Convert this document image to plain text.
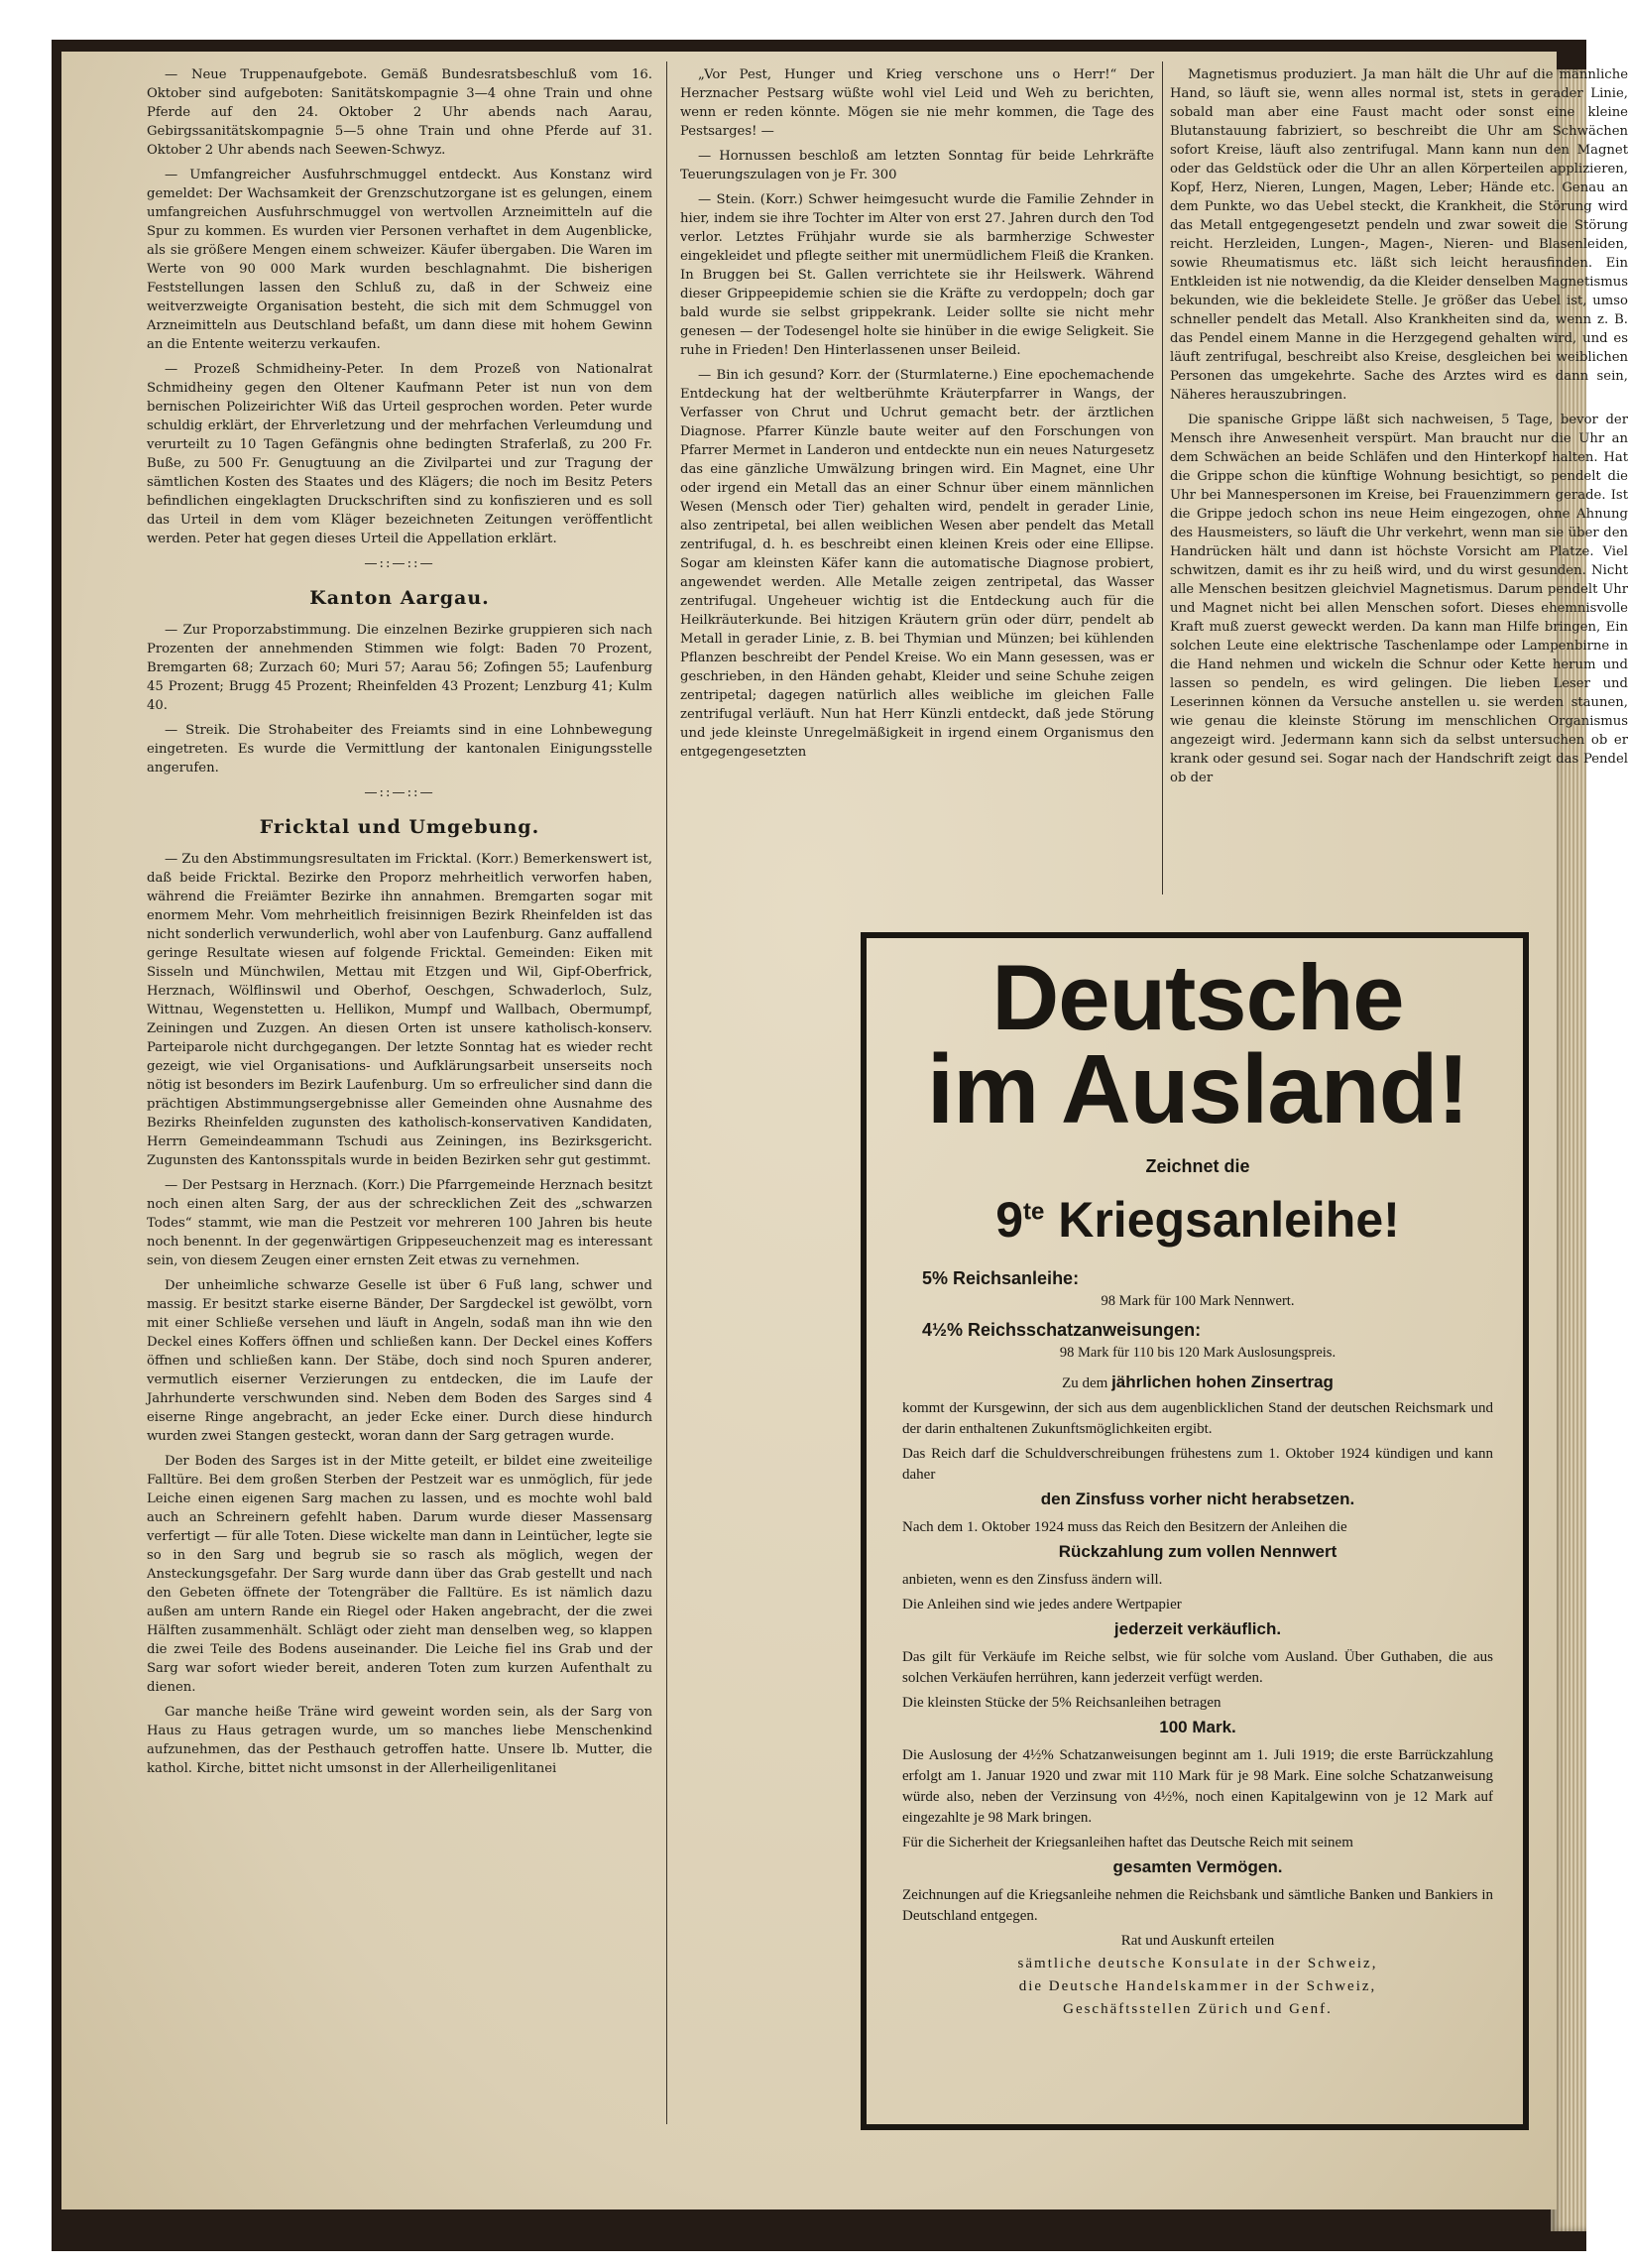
— Neue Truppenaufgebote. Gemäß Bundesratsbeschluß vom 16. Oktober sind aufgeboten: Sanitätskompagnie 3—4 ohne Train und ohne Pferde auf den 24. Oktober 2 Uhr abends nach Aarau, Gebirgssanitätskompagnie 5—5 ohne Train und ohne Pferde auf 31. Oktober 2 Uhr abends nach Seewen-Schwyz.

— Umfangreicher Ausfuhrschmuggel entdeckt. Aus Konstanz wird gemeldet: Der Wachsamkeit der Grenzschutzorgane ist es gelungen, einem umfangreichen Ausfuhrschmuggel von wertvollen Arzneimitteln auf die Spur zu kommen. Es wurden vier Personen verhaftet in dem Augenblicke, als sie größere Mengen einem schweizer. Käufer übergaben. Die Waren im Werte von 90 000 Mark wurden beschlagnahmt. Die bisherigen Feststellungen lassen den Schluß zu, daß in der Schweiz eine weitverzweigte Organisation besteht, die sich mit dem Schmuggel von Arzneimitteln aus Deutschland befaßt, um dann diese mit hohem Gewinn an die Entente weiterzu verkaufen.

— Prozeß Schmidheiny-Peter. In dem Prozeß von Nationalrat Schmidheiny gegen den Oltener Kaufmann Peter ist nun von dem bernischen Polizeirichter Wiß das Urteil gesprochen worden. Peter wurde schuldig erklärt, der Ehrverletzung und der mehrfachen Verleumdung und verurteilt zu 10 Tagen Gefängnis ohne bedingten Straferlaß, zu 200 Fr. Buße, zu 500 Fr. Genugtuung an die Zivilpartei und zur Tragung der sämtlichen Kosten des Staates und des Klägers; die noch im Besitz Peters befindlichen eingeklagten Druckschriften sind zu konfiszieren und es soll das Urteil in dem vom Kläger bezeichneten Zeitungen veröffentlicht werden. Peter hat gegen dieses Urteil die Appellation erklärt.

—::—::—
Kanton Aargau.

— Zur Proporzabstimmung. Die einzelnen Bezirke gruppieren sich nach Prozenten der annehmenden Stimmen wie folgt: Baden 70 Prozent, Bremgarten 68; Zurzach 60; Muri 57; Aarau 56; Zofingen 55; Laufenburg 45 Prozent; Brugg 45 Prozent; Rheinfelden 43 Prozent; Lenzburg 41; Kulm 40.

— Streik. Die Strohabeiter des Freiamts sind in eine Lohnbewegung eingetreten. Es wurde die Vermittlung der kantonalen Einigungsstelle angerufen.

—::—::—
Fricktal und Umgebung.

— Zu den Abstimmungsresultaten im Fricktal. (Korr.) Bemerkenswert ist, daß beide Fricktal. Bezirke den Proporz mehrheitlich verworfen haben, während die Freiämter Bezirke ihn annahmen. Bremgarten sogar mit enormem Mehr. Vom mehrheitlich freisinnigen Bezirk Rheinfelden ist das nicht sonderlich verwunderlich, wohl aber von Laufenburg. Ganz auffallend geringe Resultate wiesen auf folgende Fricktal. Gemeinden: Eiken mit Sisseln und Münchwilen, Mettau mit Etzgen und Wil, Gipf-Oberfrick, Herznach, Wölflinswil und Oberhof, Oeschgen, Schwaderloch, Sulz, Wittnau, Wegenstetten u. Hellikon, Mumpf und Wallbach, Obermumpf, Zeiningen und Zuzgen. An diesen Orten ist unsere katholisch-konserv. Parteiparole nicht durchgegangen. Der letzte Sonntag hat es wieder recht gezeigt, wie viel Organisations- und Aufklärungsarbeit unserseits noch nötig ist besonders im Bezirk Laufenburg. Um so erfreulicher sind dann die prächtigen Abstimmungsergebnisse aller Gemeinden ohne Ausnahme des Bezirks Rheinfelden zugunsten des katholisch-konservativen Kandidaten, Herrn Gemeindeammann Tschudi aus Zeiningen, ins Bezirksgericht. Zugunsten des Kantonsspitals wurde in beiden Bezirken sehr gut gestimmt.

— Der Pestsarg in Herznach. (Korr.) Die Pfarrgemeinde Herznach besitzt noch einen alten Sarg, der aus der schrecklichen Zeit des „schwarzen Todes“ stammt, wie man die Pestzeit vor mehreren 100 Jahren bis heute noch benennt. In der gegenwärtigen Grippeseuchenzeit mag es interessant sein, von diesem Zeugen einer ernsten Zeit etwas zu vernehmen.

Der unheimliche schwarze Geselle ist über 6 Fuß lang, schwer und massig. Er besitzt starke eiserne Bänder, Der Sargdeckel ist gewölbt, vorn mit einer Schließe versehen und läuft in Angeln, sodaß man ihn wie den Deckel eines Koffers öffnen und schließen kann. Der Deckel eines Koffers öffnen und schließen kann. Der Stäbe, doch sind noch Spuren anderer, vermutlich eiserner Verzierungen zu entdecken, die im Laufe der Jahrhunderte verschwunden sind. Neben dem Boden des Sarges sind 4 eiserne Ringe angebracht, an jeder Ecke einer. Durch diese hindurch wurden zwei Stangen gesteckt, woran dann der Sarg getragen wurde.

Der Boden des Sarges ist in der Mitte geteilt, er bildet eine zweiteilige Falltüre. Bei dem großen Sterben der Pestzeit war es unmöglich, für jede Leiche einen eigenen Sarg machen zu lassen, und es mochte wohl bald auch an Schreinern gefehlt haben. Darum wurde dieser Massensarg verfertigt — für alle Toten. Diese wickelte man dann in Leintücher, legte sie so in den Sarg und begrub sie so rasch als möglich, wegen der Ansteckungsgefahr. Der Sarg wurde dann über das Grab gestellt und nach den Gebeten öffnete der Totengräber die Falltüre. Es ist nämlich dazu außen am untern Rande ein Riegel oder Haken angebracht, der die zwei Hälften zusammenhält. Schlägt oder zieht man denselben weg, so klappen die zwei Teile des Bodens auseinander. Die Leiche fiel ins Grab und der Sarg war sofort wieder bereit, anderen Toten zum kurzen Aufenthalt zu dienen.

Gar manche heiße Träne wird geweint worden sein, als der Sarg von Haus zu Haus getragen wurde, um so manches liebe Menschenkind aufzunehmen, das der Pesthauch getroffen hatte. Unsere lb. Mutter, die kathol. Kirche, bittet nicht umsonst in der Allerheiligenlitanei

„Vor Pest, Hunger und Krieg verschone uns o Herr!“ Der Herznacher Pestsarg wüßte wohl viel Leid und Weh zu berichten, wenn er reden könnte. Mögen sie nie mehr kommen, die Tage des Pestsarges! —

— Hornussen beschloß am letzten Sonntag für beide Lehrkräfte Teuerungszulagen von je Fr. 300

— Stein. (Korr.) Schwer heimgesucht wurde die Familie Zehnder in hier, indem sie ihre Tochter im Alter von erst 27. Jahren durch den Tod verlor. Letztes Frühjahr wurde sie als barmherzige Schwester eingekleidet und pflegte seither mit unermüdlichem Fleiß die Kranken. In Bruggen bei St. Gallen verrichtete sie ihr Heilswerk. Während dieser Grippeepidemie schien sie die Kräfte zu verdoppeln; doch gar bald wurde sie selbst grippekrank. Leider sollte sie nicht mehr genesen — der Todesengel holte sie hinüber in die ewige Seligkeit. Sie ruhe in Frieden! Den Hinterlassenen unser Beileid.

— Bin ich gesund? Korr. der (Sturmlaterne.) Eine epochemachende Entdeckung hat der weltberühmte Kräuterpfarrer in Wangs, der Verfasser von Chrut und Uchrut gemacht betr. der ärztlichen Diagnose. Pfarrer Künzle baute weiter auf den Forschungen von Pfarrer Mermet in Landeron und entdeckte nun ein neues Naturgesetz das eine gänzliche Umwälzung bringen wird. Ein Magnet, eine Uhr oder irgend ein Metall das an einer Schnur über einem männlichen Wesen (Mensch oder Tier) gehalten wird, pendelt in gerader Linie, also zentripetal, bei allen weiblichen Wesen aber pendelt das Metall zentrifugal, d. h. es beschreibt einen kleinen Kreis oder eine Ellipse. Sogar am kleinsten Käfer kann die automatische Diagnose probiert, angewendet werden. Alle Metalle zeigen zentripetal, das Wasser zentrifugal. Ungeheuer wichtig ist die Entdeckung auch für die Heilkräuterkunde. Bei hitzigen Kräutern grün oder dürr, pendelt ab Metall in gerader Linie, z. B. bei Thymian und Münzen; bei kühlenden Pflanzen beschreibt der Pendel Kreise. Wo ein Mann gesessen, was er geschrieben, in den Händen gehabt, Kleider und seine Schuhe zeigen zentripetal; dagegen natürlich alles weibliche im gleichen Falle zentrifugal verläuft. Nun hat Herr Künzli entdeckt, daß jede Störung und jede kleinste Unregelmäßigkeit in irgend einem Organismus den entgegengesetzten

Magnetismus produziert. Ja man hält die Uhr auf die männliche Hand, so läuft sie, wenn alles normal ist, stets in gerader Linie, sobald man aber eine Faust macht oder sonst eine kleine Blutanstauung fabriziert, so beschreibt die Uhr am Schwächen sofort Kreise, läuft also zentrifugal. Mann kann nun den Magnet oder das Geldstück oder die Uhr an allen Körperteilen applizieren, Kopf, Herz, Nieren, Lungen, Magen, Leber; Hände etc. Genau an dem Punkte, wo das Uebel steckt, die Krankheit, die Störung wird das Metall entgegengesetzt pendeln und zwar soweit die Störung reicht. Herzleiden, Lungen-, Magen-, Nieren- und Blasenleiden, sowie Rheumatismus etc. läßt sich leicht herausfinden. Ein Entkleiden ist nie notwendig, da die Kleider denselben Magnetismus bekunden, wie die bekleidete Stelle. Je größer das Uebel ist, umso schneller pendelt das Metall. Also Krankheiten sind da, wenn z. B. das Pendel einem Manne in die Herzgegend gehalten wird, und es läuft zentrifugal, beschreibt also Kreise, desgleichen bei weiblichen Personen das umgekehrte. Sache des Arztes wird es dann sein, Näheres herauszubringen.

Die spanische Grippe läßt sich nachweisen, 5 Tage, bevor der Mensch ihre Anwesenheit verspürt. Man braucht nur die Uhr an dem Schwächen an beide Schläfen und den Hinterkopf halten. Hat die Grippe schon die künftige Wohnung besichtigt, so pendelt die Uhr bei Mannespersonen im Kreise, bei Frauenzimmern gerade. Ist die Grippe jedoch schon ins neue Heim eingezogen, ohne Ahnung des Hausmeisters, so läuft die Uhr verkehrt, wenn man sie über den Handrücken hält und dann ist höchste Vorsicht am Platze. Viel schwitzen, damit es ihr zu heiß wird, und du wirst gesunden. Nicht alle Menschen besitzen gleichviel Magnetismus. Darum pendelt Uhr und Magnet nicht bei allen Menschen sofort. Dieses ehemnisvolle Kraft muß zuerst geweckt werden. Da kann man Hilfe bringen, Ein solchen Leute eine elektrische Taschenlampe oder Lampenbirne in die Hand nehmen und wickeln die Schnur oder Kette herum und lassen so pendeln, es wird gelingen. Die lieben Leser und Leserinnen können da Versuche anstellen u. sie werden staunen, wie genau die kleinste Störung im menschlichen Organismus angezeigt wird. Jedermann kann sich da selbst untersuchen ob er krank oder gesund sei. Sogar nach der Handschrift zeigt das Pendel ob der

Deutsche
im Ausland!
Zeichnet die
$9^{te}$ Kriegsanleihe!
5% Reichsanleihe:
98 Mark für 100 Mark Nennwert.
4½% Reichsschatzanweisungen:
98 Mark für 110 bis 120 Mark Auslosungspreis.
Zu dem jährlichen hohen Zinsertrag
kommt der Kursgewinn, der sich aus dem augenblicklichen Stand der deutschen Reichsmark und der darin enthaltenen Zukunftsmöglichkeiten ergibt.
Das Reich darf die Schuldverschreibungen frühestens zum 1. Oktober 1924 kündigen und kann daher
den Zinsfuss vorher nicht herabsetzen.
Nach dem 1. Oktober 1924 muss das Reich den Besitzern der Anleihen die
Rückzahlung zum vollen Nennwert
anbieten, wenn es den Zinsfuss ändern will.
Die Anleihen sind wie jedes andere Wertpapier
jederzeit verkäuflich.
Das gilt für Verkäufe im Reiche selbst, wie für solche vom Ausland. Über Guthaben, die aus solchen Verkäufen herrühren, kann jederzeit verfügt werden.
Die kleinsten Stücke der 5% Reichsanleihen betragen
100 Mark.
Die Auslosung der 4½% Schatzanweisungen beginnt am 1. Juli 1919; die erste Barrückzahlung erfolgt am 1. Januar 1920 und zwar mit 110 Mark für je 98 Mark. Eine solche Schatzanweisung würde also, neben der Verzinsung von 4½%, noch einen Kapitalgewinn von je 12 Mark auf eingezahlte je 98 Mark bringen.
Für die Sicherheit der Kriegsanleihen haftet das Deutsche Reich mit seinem
gesamten Vermögen.
Zeichnungen auf die Kriegsanleihe nehmen die Reichsbank und sämtliche Banken und Bankiers in Deutschland entgegen.
Rat und Auskunft erteilen
sämtliche deutsche Konsulate in der Schweiz,
die Deutsche Handelskammer in der Schweiz,
Geschäftsstellen Zürich und Genf.
